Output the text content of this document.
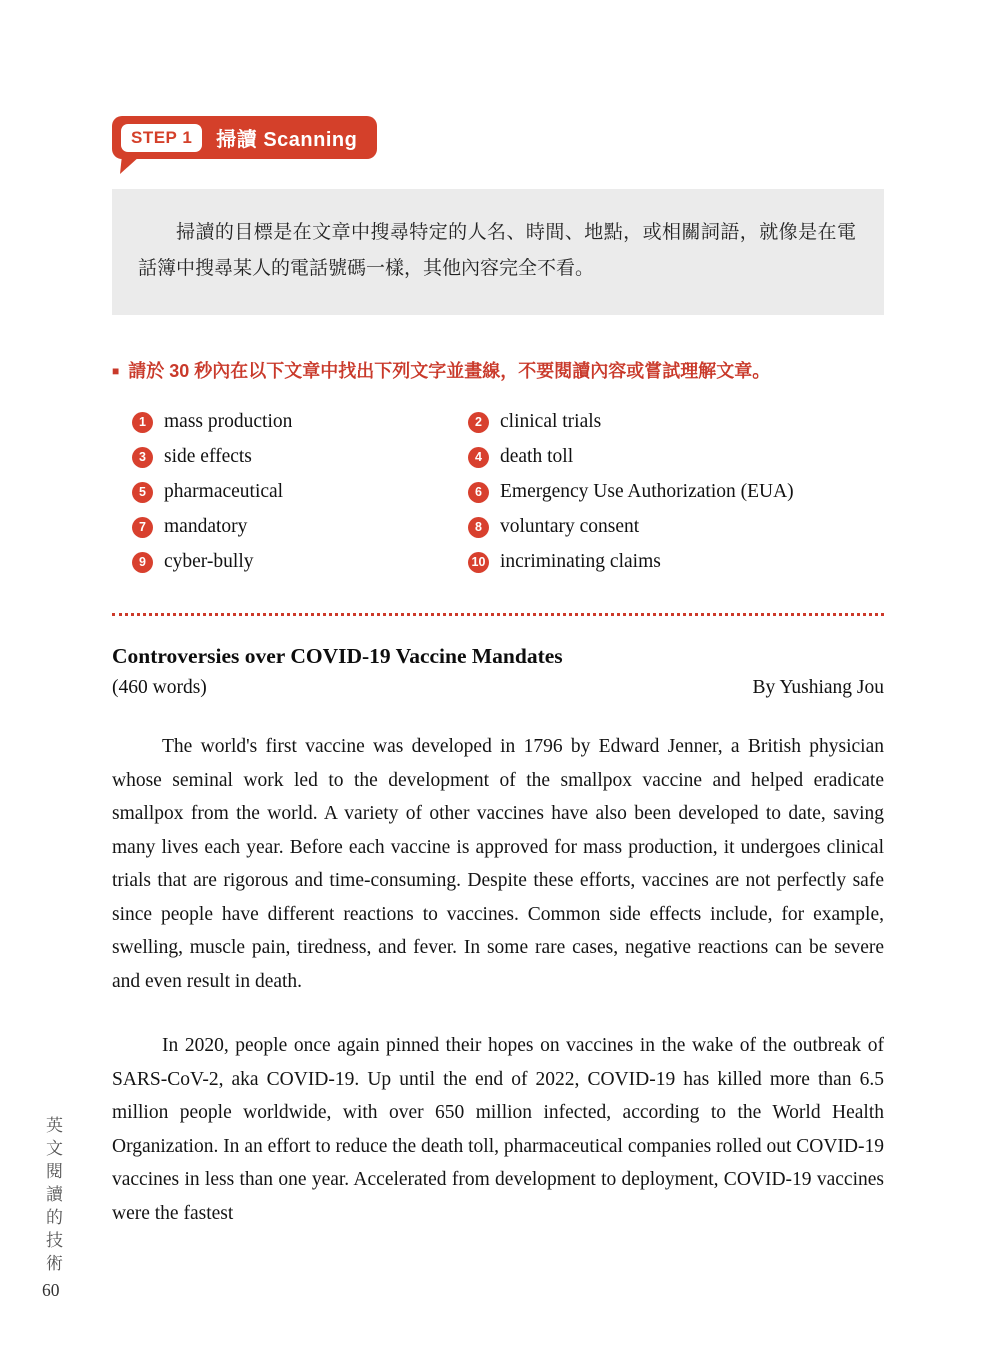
STEP 1	掃讀 Scanning

掃讀的目標是在文章中搜尋特定的人名、時間、地點，或相關詞語，就像是在電話簿中搜尋某人的電話號碼一樣，其他內容完全不看。

■ 請於 30 秒內在以下文章中找出下列文字並畫線，不要閱讀內容或嘗試理解文章。
1 mass production	2 clinical trials
3 side effects	4 death toll
5 pharmaceutical	6 Emergency Use Authorization (EUA)
7 mandatory	8 voluntary consent
9 cyber-bully	10 incriminating claims
Controversies over COVID-19 Vaccine Mandates
(460 words)	By Yushiang Jou

The world's first vaccine was developed in 1796 by Edward Jenner, a British physician whose seminal work led to the development of the smallpox vaccine and helped eradicate smallpox from the world. A variety of other vaccines have also been developed to date, saving many lives each year. Before each vaccine is approved for mass production, it undergoes clinical trials that are rigorous and time-consuming. Despite these efforts, vaccines are not perfectly safe since people have different reactions to vaccines. Common side effects include, for example, swelling, muscle pain, tiredness, and fever. In some rare cases, negative reactions can be severe and even result in death.

In 2020, people once again pinned their hopes on vaccines in the wake of the outbreak of SARS-CoV-2, aka COVID-19. Up until the end of 2022, COVID-19 has killed more than 6.5 million people worldwide, with over 650 million infected, according to the World Health Organization. In an effort to reduce the death toll, pharmaceutical companies rolled out COVID-19 vaccines in less than one year. Accelerated from development to deployment, COVID-19 vaccines were the fastest

英文閱讀的技術
60
